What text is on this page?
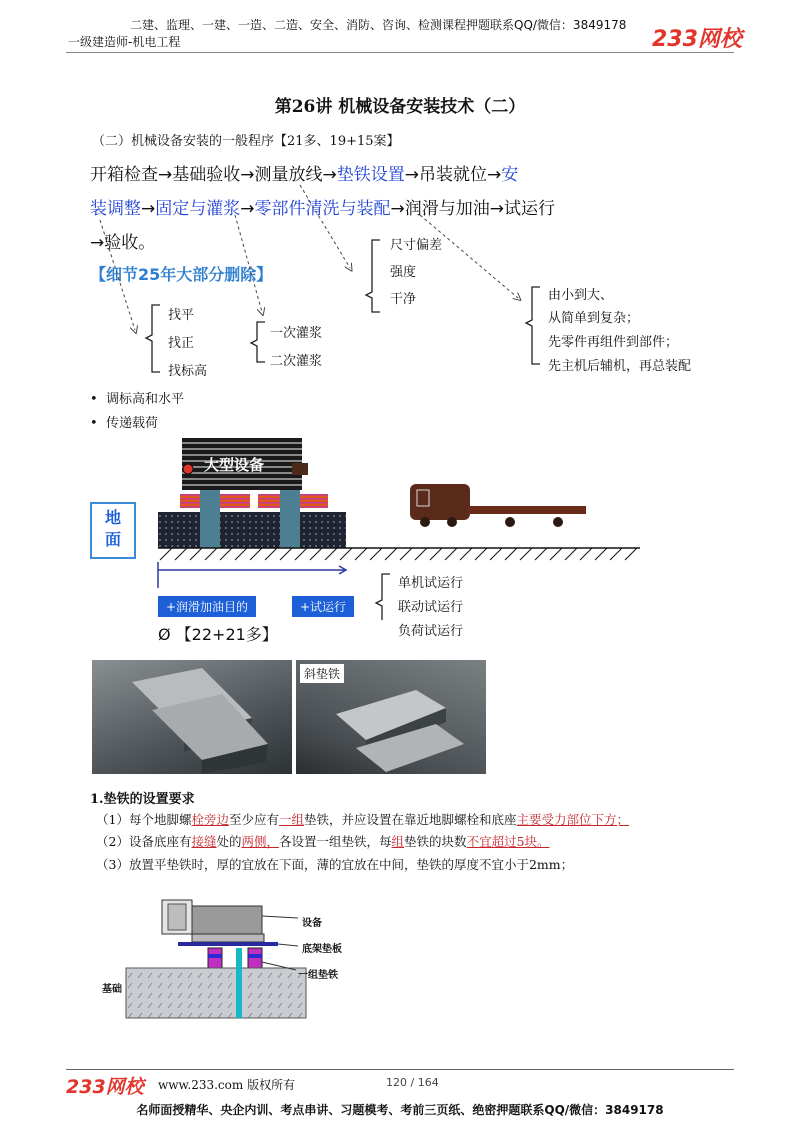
二建、监理、一建、一造、二造、安全、消防、咨询、检测课程押题联系QQ/微信：3849178
一级建造师-机电工程	233网校
第26讲 机械设备安装技术（二）
（二）机械设备安装的一般程序【21多、19+15案】
开箱检查→基础验收→测量放线→垫铁设置→吊装就位→安
装调整→固定与灌浆→零部件清洗与装配→润滑与加油→试运行
→验收。
【细节25年大部分删除】
尺寸偏差
强度
干净
找平
找正
找标高
一次灌浆
二次灌浆
由小到大、
从简单到复杂；
先零件再组件到部件；
先主机后辅机，再总装配
•  调标高和水平
•  传递载荷
大型设备
地
面
+润滑加油目的	+试运行
Ø 【22+21多】
单机试运行
联动试运行
负荷试运行
斜垫铁
1.垫铁的设置要求
（1）每个地脚螺栓旁边至少应有一组垫铁，并应设置在靠近地脚螺栓和底座主要受力部位下方；
（2）设备底座有接缝处的两侧，各设置一组垫铁，每组垫铁的块数不宜超过5块。
（3）放置平垫铁时，厚的宜放在下面，薄的宜放在中间，垫铁的厚度不宜小于2mm；
设备
底架垫板
一组垫铁
基础
233网校 www.233.com 版权所有	120 / 164
名师面授精华、央企内训、考点串讲、习题模考、考前三页纸、绝密押题联系QQ/微信：3849178
